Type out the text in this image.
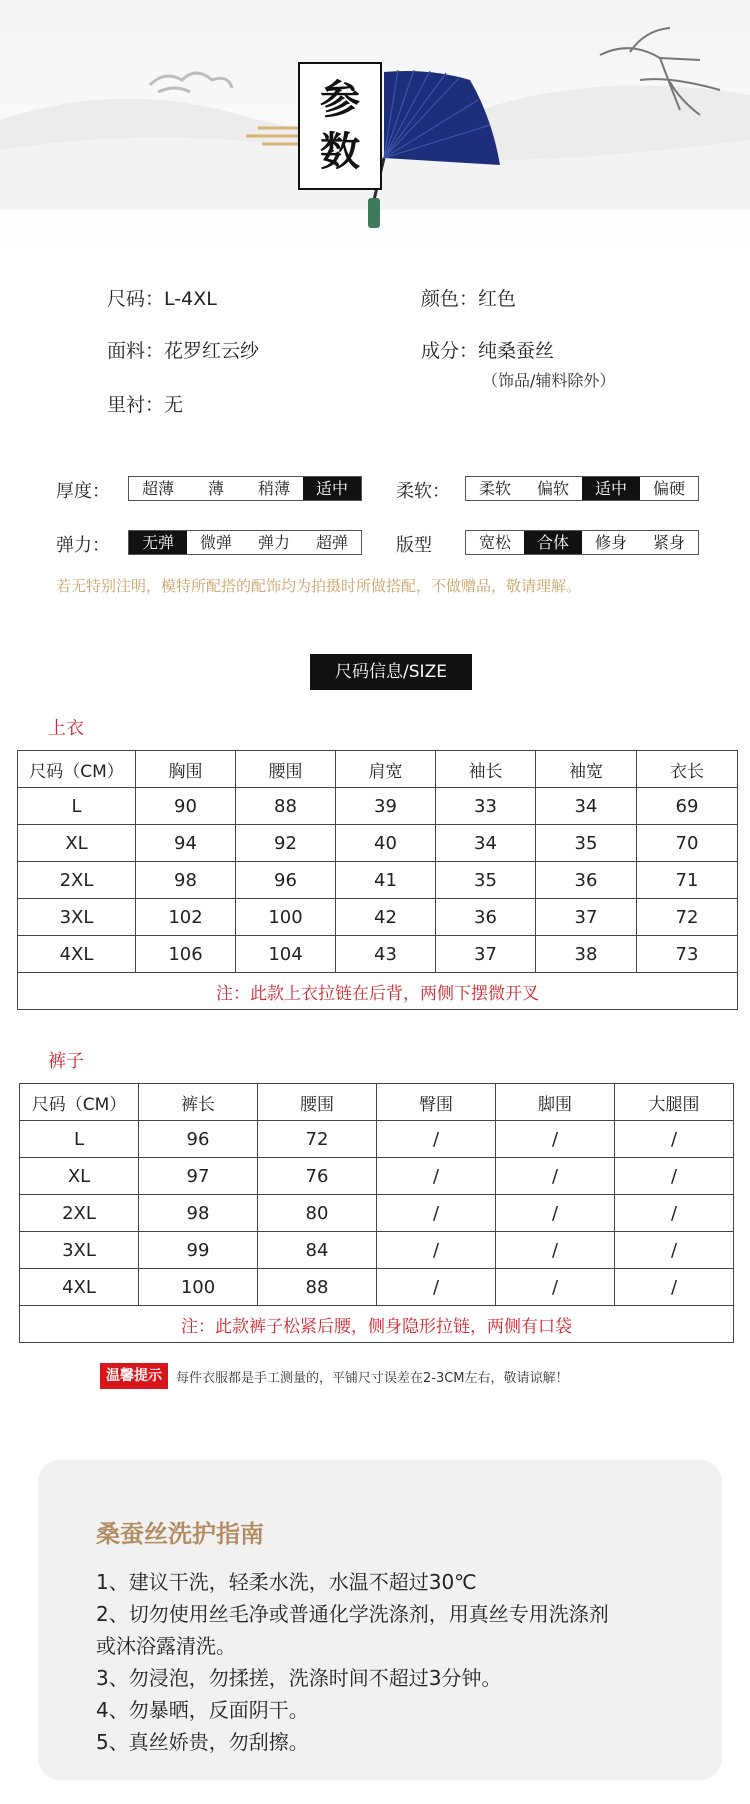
参
数
尺码：L-4XL	颜色：红色
面料：花罗红云纱	成分：纯桑蚕丝
（饰品/辅料除外）
里衬：无
厚度：	超薄	薄	稍薄	适中	柔软：	柔软	偏软	适中	偏硬
弹力：	无弹	微弹	弹力	超弹	版型	宽松	合体	修身	紧身
若无特别注明，模特所配搭的配饰均为拍摄时所做搭配，不做赠品，敬请理解。
尺码信息/SIZE
上衣
尺码（CM）	胸围	腰围	肩宽	袖长	袖宽	衣长
L	90	88	39	33	34	69
XL	94	92	40	34	35	70
2XL	98	96	41	35	36	71
3XL	102	100	42	36	37	72
4XL	106	104	43	37	38	73
注：此款上衣拉链在后背，两侧下摆微开叉						
裤子
尺码（CM）	裤长	腰围	臀围	脚围	大腿围
L	96	72	/	/	/
XL	97	76	/	/	/
2XL	98	80	/	/	/
3XL	99	84	/	/	/
4XL	100	88	/	/	/
注：此款裤子松紧后腰，侧身隐形拉链，两侧有口袋					
温馨提示	每件衣服都是手工测量的，平铺尺寸误差在2-3CM左右，敬请谅解！
桑蚕丝洗护指南
1、建议干洗，轻柔水洗，水温不超过30℃
2、切勿使用丝毛净或普通化学洗涤剂，用真丝专用洗涤剂
或沐浴露清洗。
3、勿浸泡，勿揉搓，洗涤时间不超过3分钟。
4、勿暴晒，反面阴干。
5、真丝娇贵，勿刮擦。
